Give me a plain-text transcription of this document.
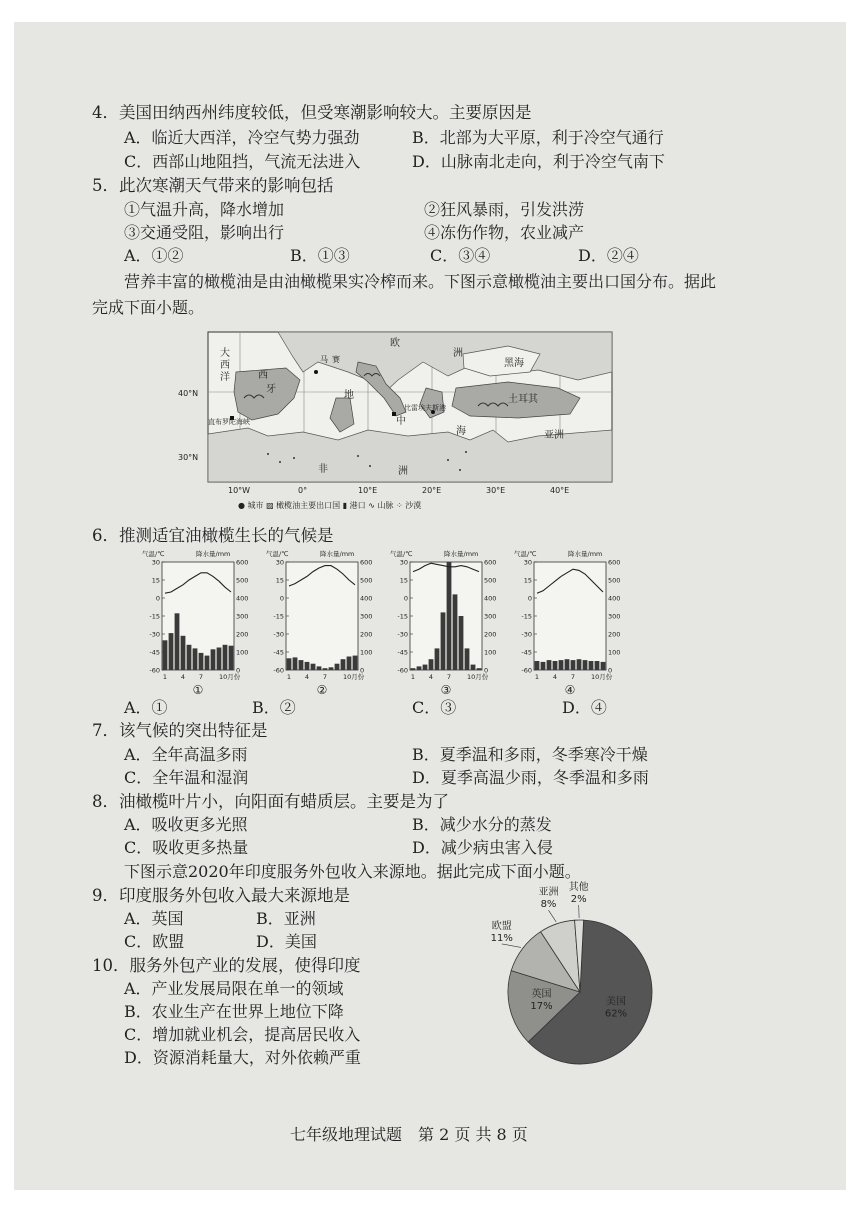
4．美国田纳西州纬度较低，但受寒潮影响较大。主要原因是
A．临近大西洋，冷空气势力强劲	B．北部为大平原，利于冷空气通行
C．西部山地阻挡，气流无法进入	D．山脉南北走向，利于冷空气南下
5．此次寒潮天气带来的影响包括
①气温升高，降水增加	②狂风暴雨，引发洪涝
③交通受阻，影响出行	④冻伤作物，农业减产
A．①②	B．①③	C．③④	D．②④
营养丰富的橄榄油是由油橄榄果实冷榨而来。下图示意橄榄油主要出口国分布。据此
完成下面小题。
大
西
洋	西
牙
马 赛
欧
洲
黑海
40°N	地
中
海
比雷埃夫斯港
土耳其
直布罗陀海峡
亚洲
30°N
非	洲
10°W	0°	10°E	20°E	30°E	40°E
● 城市 ▨ 橄榄油主要出口国 ▮ 港口 ∿ 山脉 ⁘ 沙漠
6．推测适宜油橄榄生长的气候是
气温/℃	降水量/mm
30
15
0
-15
-30
-45
-60
600
500
400
300
200
100
0
1 4 7 10月份
①
气温/℃	降水量/mm
30
15
0
-15
-30
-45
-60
600
500
400
300
200
100
0
1 4 7 10月份
②
气温/℃	降水量/mm
30
15
0
-15
-30
-45
-60
600
500
400
300
200
100
0
1 4 7 10月份
③
气温/℃	降水量/mm
30
15
0
-15
-30
-45
-60
600
500
400
300
200
100
0
1 4 7 10月份
④
A．①	B．②	C．③	D．④
7．该气候的突出特征是
A．全年高温多雨	B．夏季温和多雨，冬季寒冷干燥
C．全年温和湿润	D．夏季高温少雨，冬季温和多雨
8．油橄榄叶片小，向阳面有蜡质层。主要是为了
A．吸收更多光照	B．减少水分的蒸发
C．吸收更多热量	D．减少病虫害入侵
下图示意2020年印度服务外包收入来源地。据此完成下面小题。
9．印度服务外包收入最大来源地是
A．英国	B．亚洲
C．欧盟	D．美国
10．服务外包产业的发展，使得印度
A．产业发展局限在单一的领域
B．农业生产在世界上地位下降
C．增加就业机会，提高居民收入
D．资源消耗量大，对外依赖严重
美国
62%
英国
17%
欧盟
11%
亚洲
8%
其他
2%
七年级地理试题　第 2 页 共 8 页
